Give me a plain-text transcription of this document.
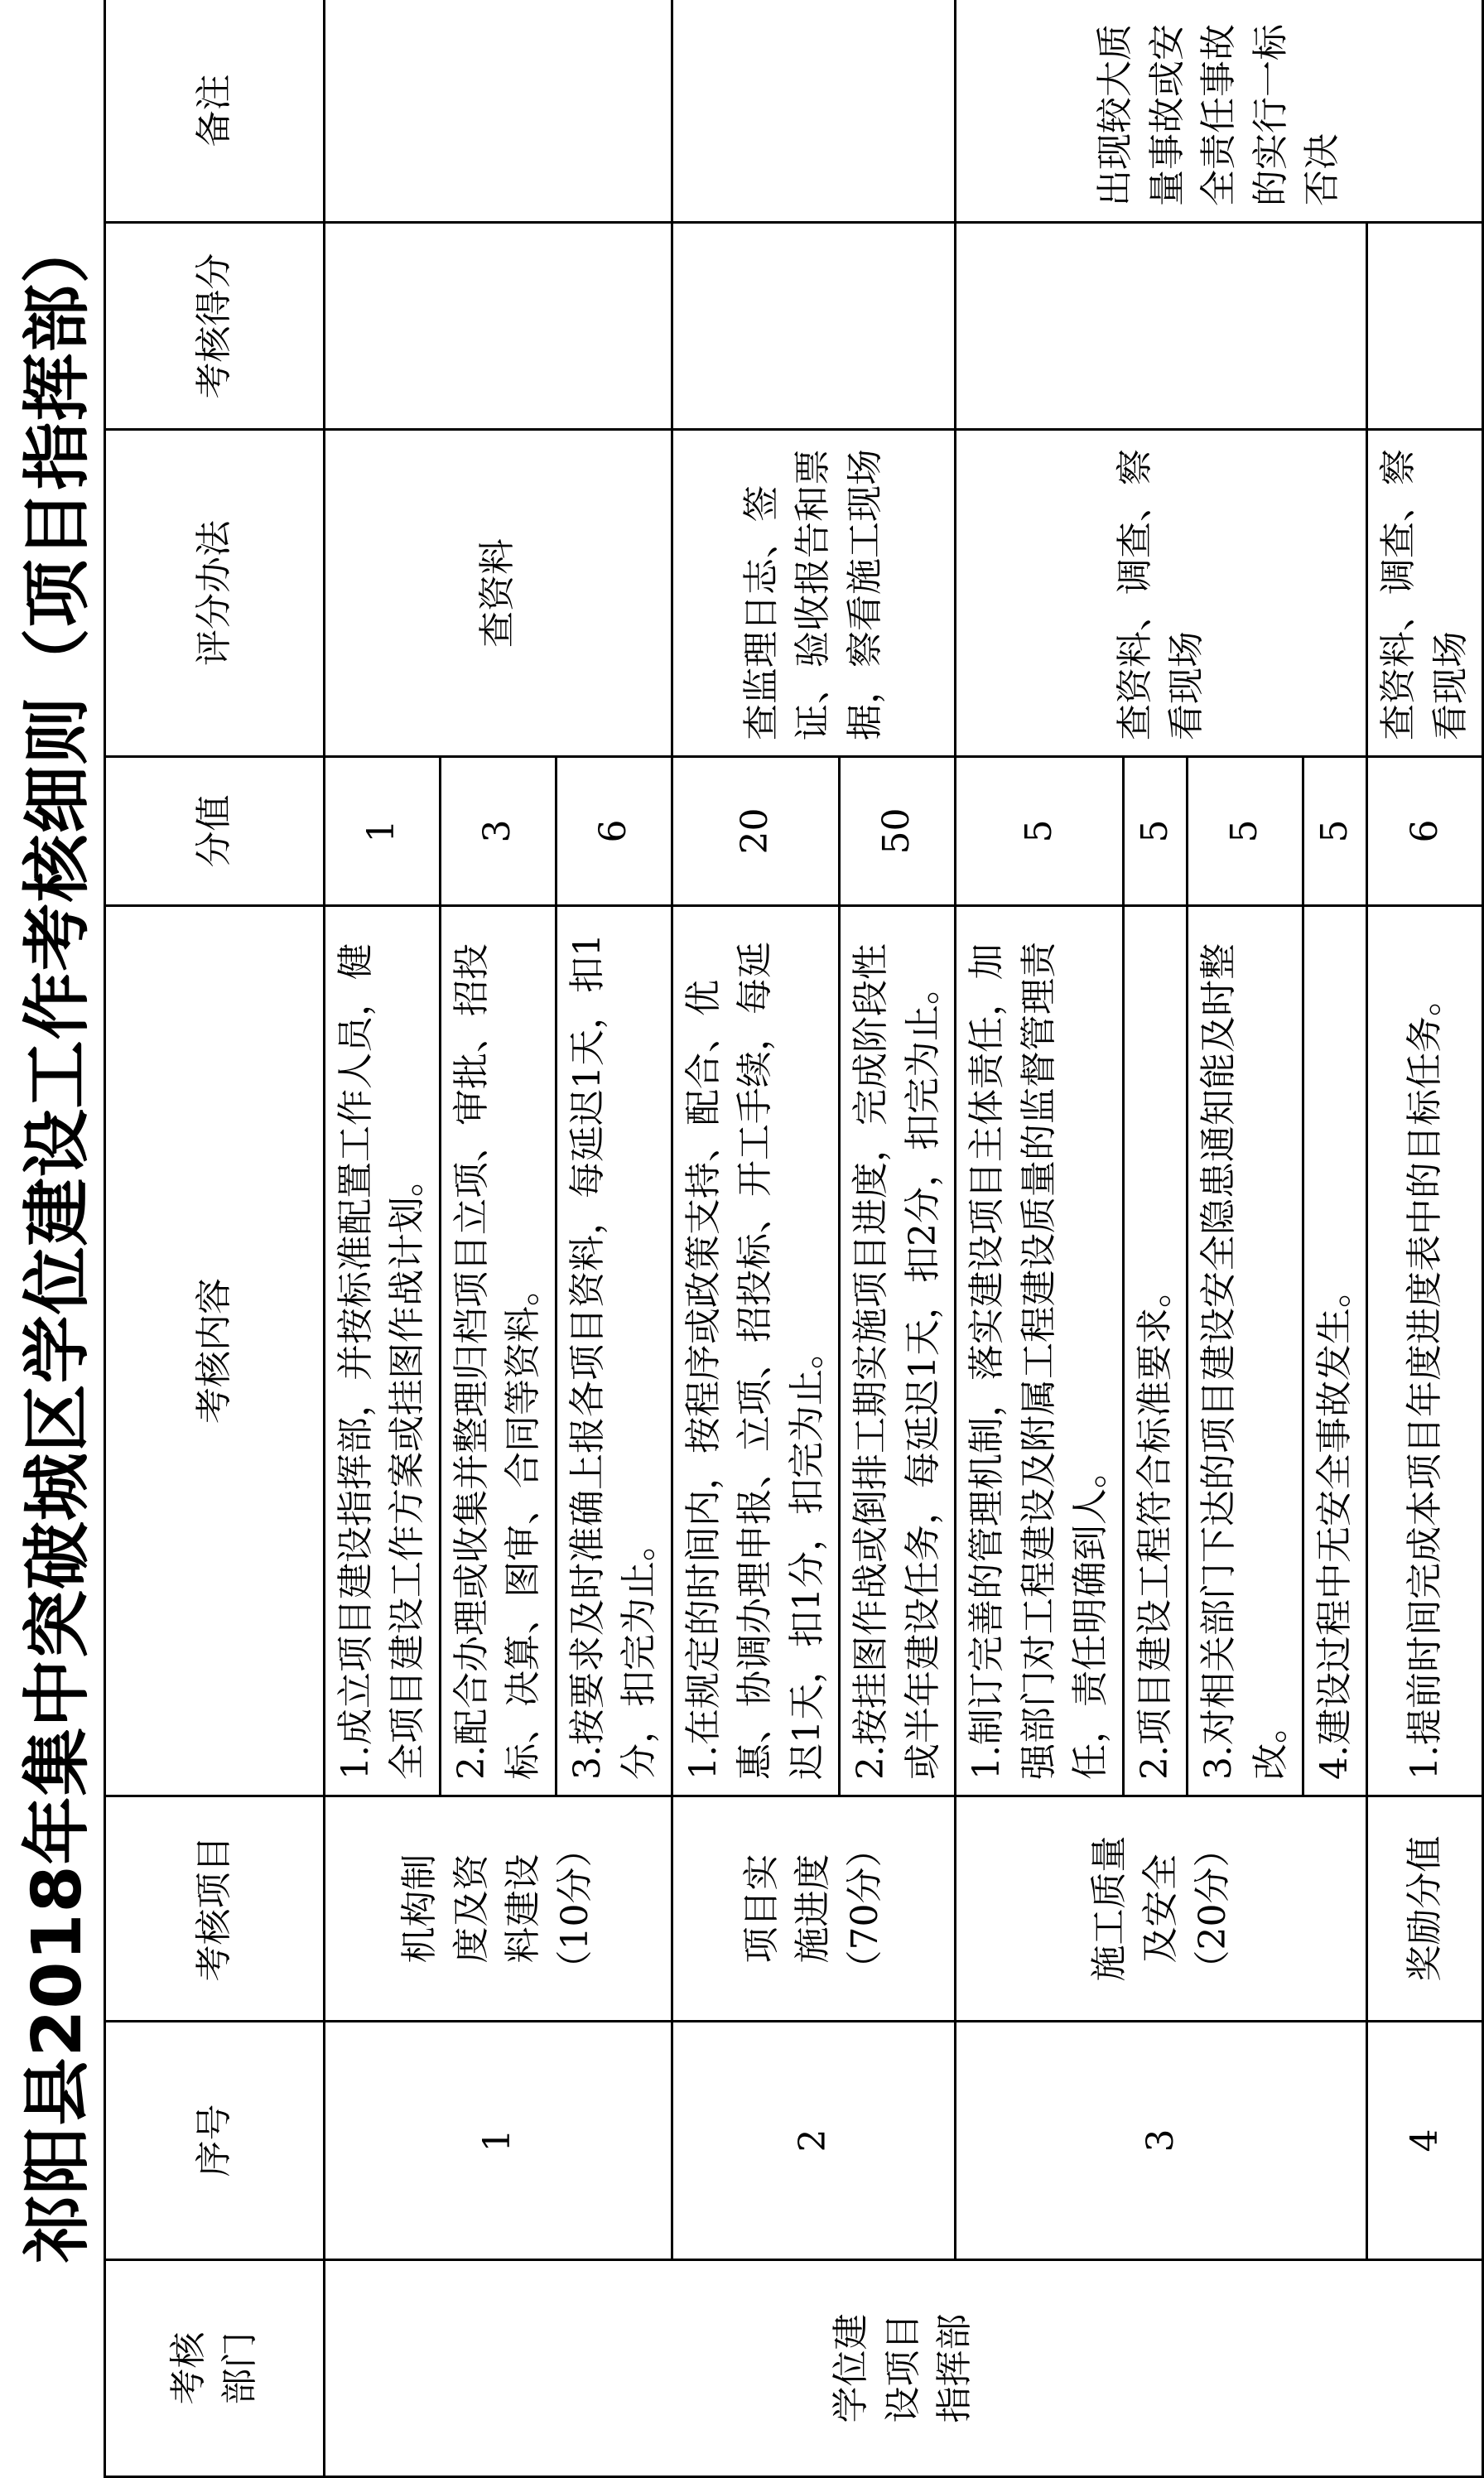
祁阳县2018年集中突破城区学位建设工作考核细则（项目指挥部）
考核
部门	序号	考核项目	考核内容	分值	评分办法	考核得分	备注
学位建
设项目
指挥部	1	机构制
度及资
料建设
（10分）	1.成立项目建设指挥部，并按标准配置工作人员，健全项目建设工作方案或挂图作战计划。	1	查资料		
			2.配合办理或收集并整理归档项目立项、审批、招投标、决算、图审、合同等资料。	3			
			3.按要求及时准确上报各项目资料，每延迟1天，扣1分，扣完为止。	6			
	2	项目实
施进度
（70分）	1.在规定的时间内，按程序或政策支持、配合、优惠、协调办理申报、立项、招投标、开工手续，每延迟1天，扣1分，扣完为止。	20	查监理日志、签证、验收报告和票据，察看施工现场		
			2.按挂图作战或倒排工期实施项目进度，完成阶段性或半年建设任务，每延迟1天，扣2分，扣完为止。	50			
	3	施工质量
及安全
（20分）	1.制订完善的管理机制，落实建设项目主体责任，加强部门对工程建设及附属工程建设质量的监督管理责任，责任明确到人。	5	查资料、调查、察看现场		出现较大质量事故或安全责任事故的实行一标否决
			2.项目建设工程符合标准要求。	5			
			3.对相关部门下达的项目建设安全隐患通知能及时整改。	5			
			4.建设过程中无安全事故发生。	5			
	4	奖励分值	1.提前时间完成本项目年度进度表中的目标任务。	6	查资料、调查、察看现场		
